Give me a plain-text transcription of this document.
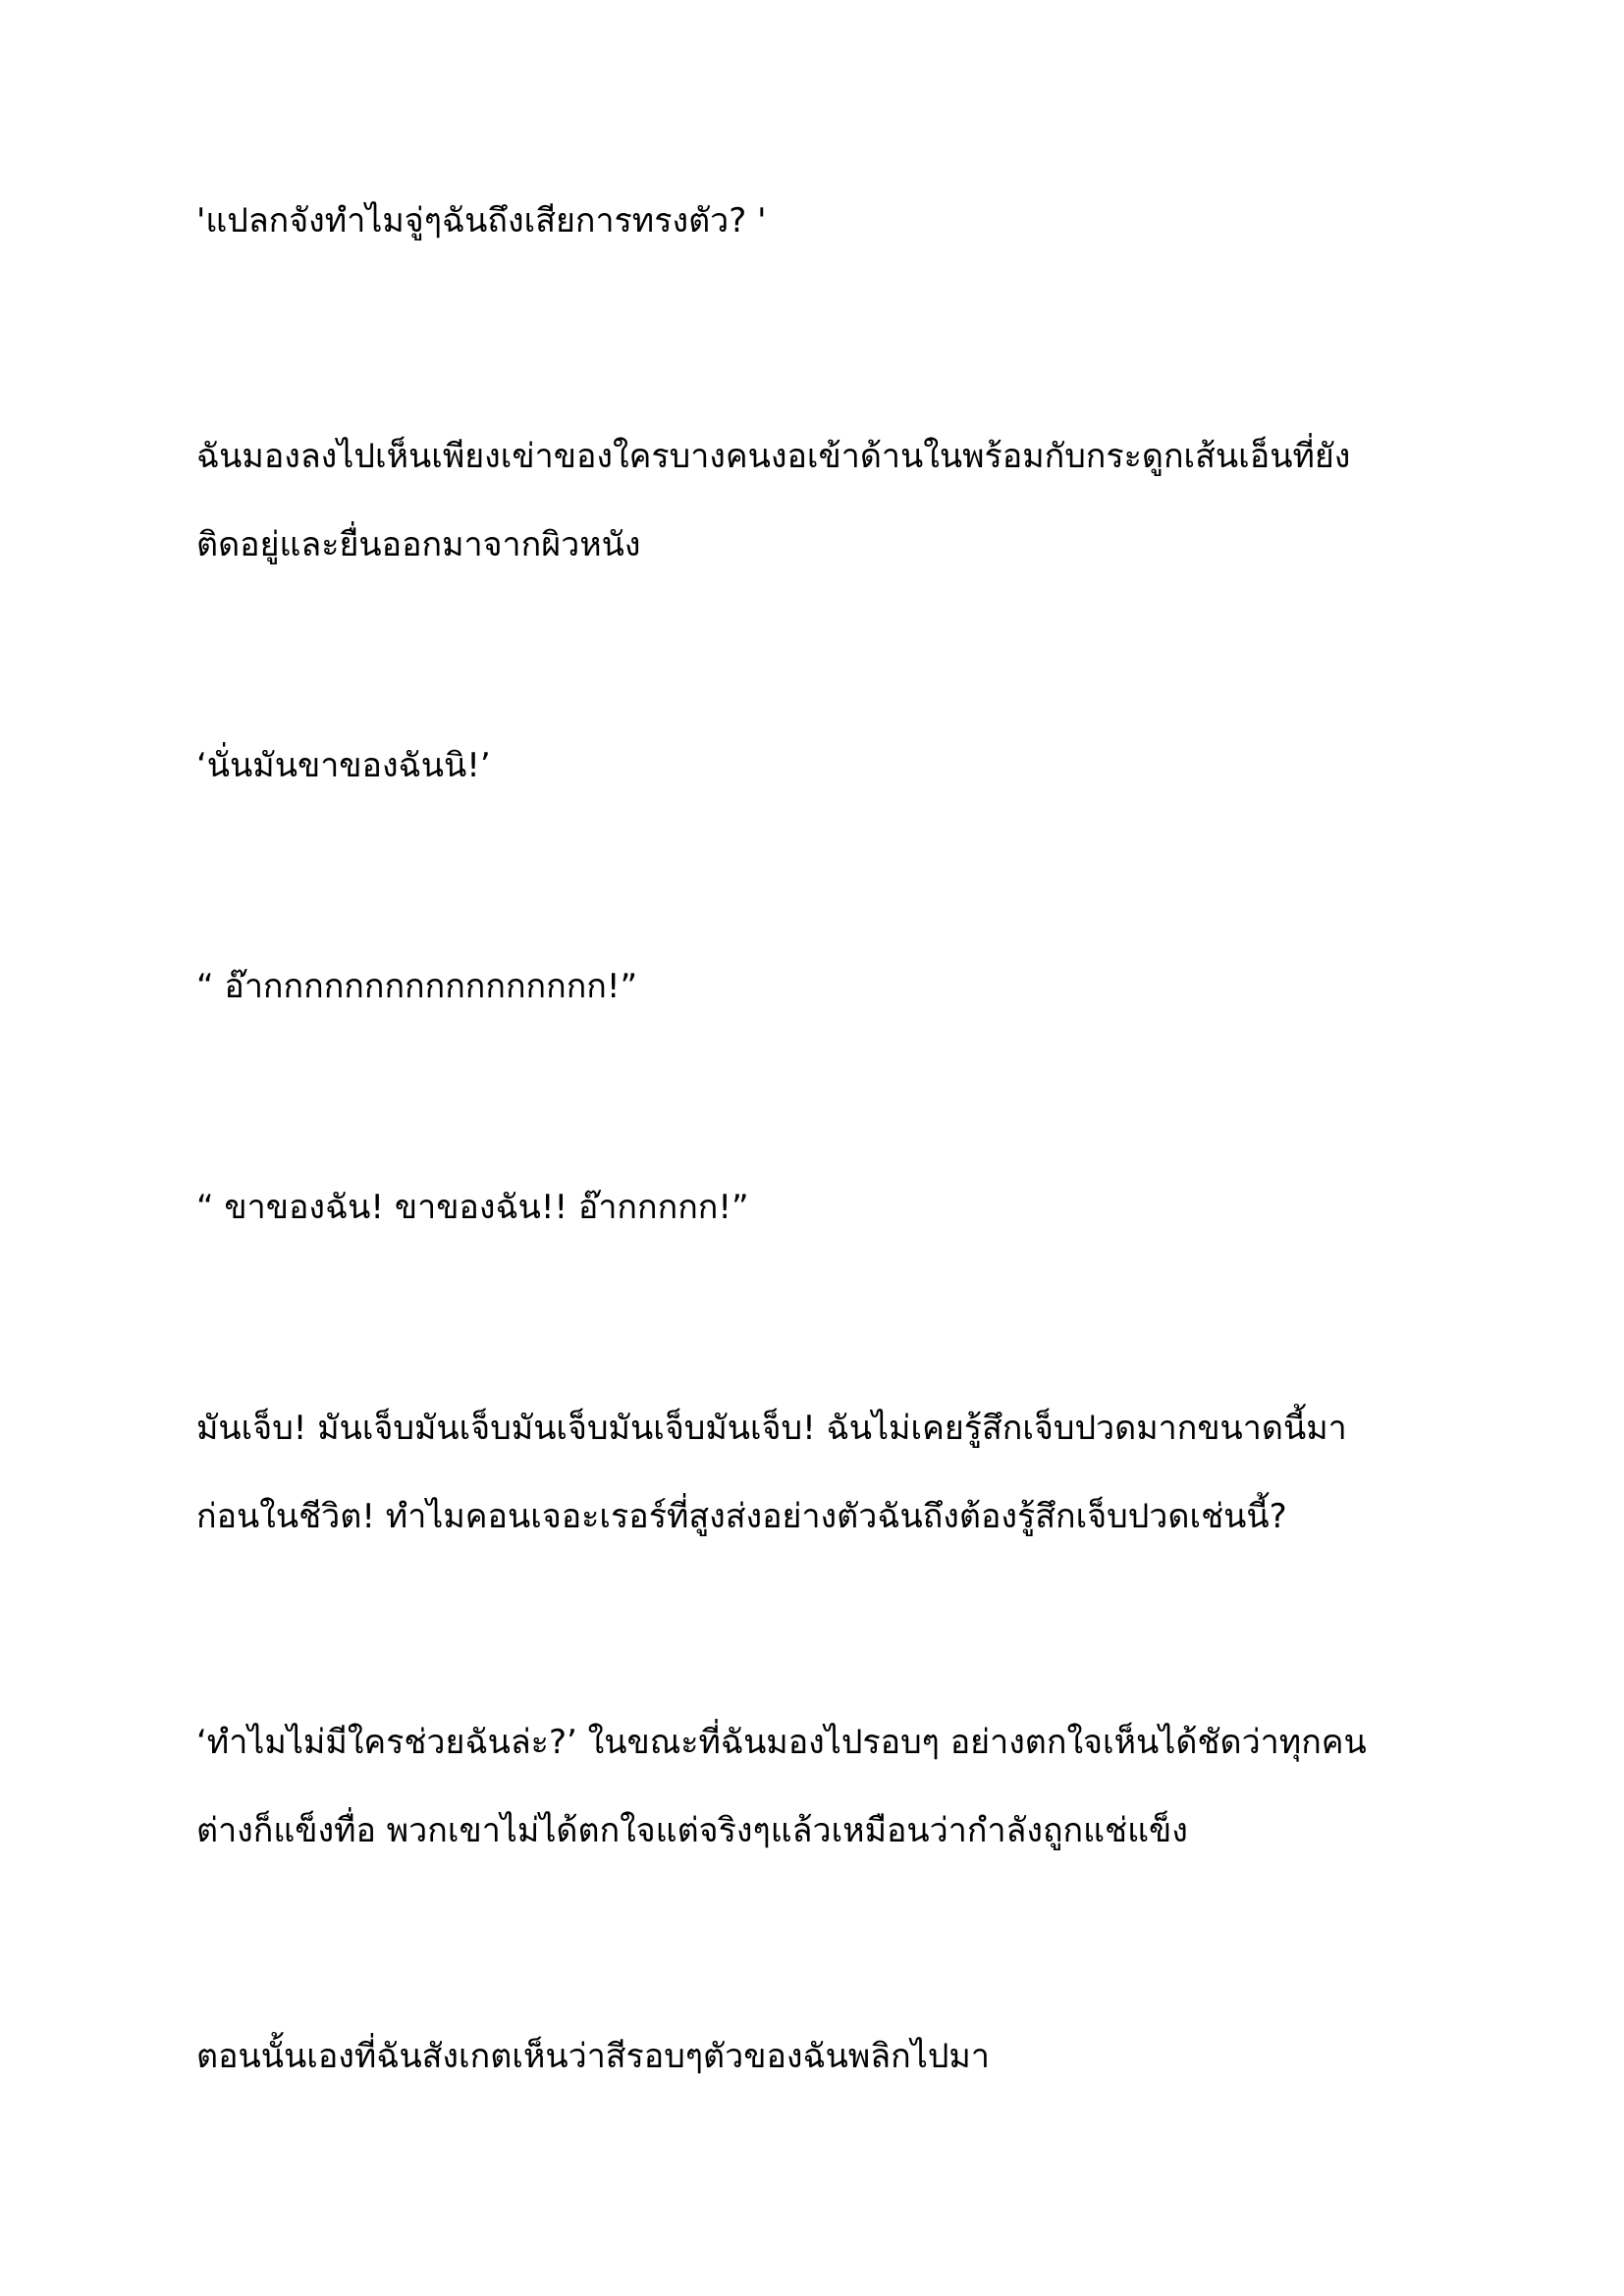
'แปลกจังทำไมจู่ๆฉันถึงเสียการทรงตัว? '

ฉันมองลงไปเห็นเพียงเข่าของใครบางคนงอเข้าด้านในพร้อมกับกระดูกเส้นเอ็นที่ยัง
ติดอยู่และยื่นออกมาจากผิวหนัง

‘นั่นมันขาของฉันนิ!’

“ อ๊ากกกกกกกกกกกกกกกกก!”

“ ขาของฉัน! ขาของฉัน!! อ๊ากกกกก!”

มันเจ็บ! มันเจ็บมันเจ็บมันเจ็บมันเจ็บมันเจ็บ! ฉันไม่เคยรู้สึกเจ็บปวดมากขนาดนี้มา
ก่อนในชีวิต! ทำไมคอนเจอะเรอร์ที่สูงส่งอย่างตัวฉันถึงต้องรู้สึกเจ็บปวดเช่นนี้?

‘ทำไมไม่มีใครช่วยฉันล่ะ?’ ในขณะที่ฉันมองไปรอบๆ อย่างตกใจเห็นได้ชัดว่าทุกคน
ต่างก็แข็งทื่อ พวกเขาไม่ได้ตกใจแต่จริงๆแล้วเหมือนว่ากำลังถูกแช่แข็ง

ตอนนั้นเองที่ฉันสังเกตเห็นว่าสีรอบๆตัวของฉันพลิกไปมา
